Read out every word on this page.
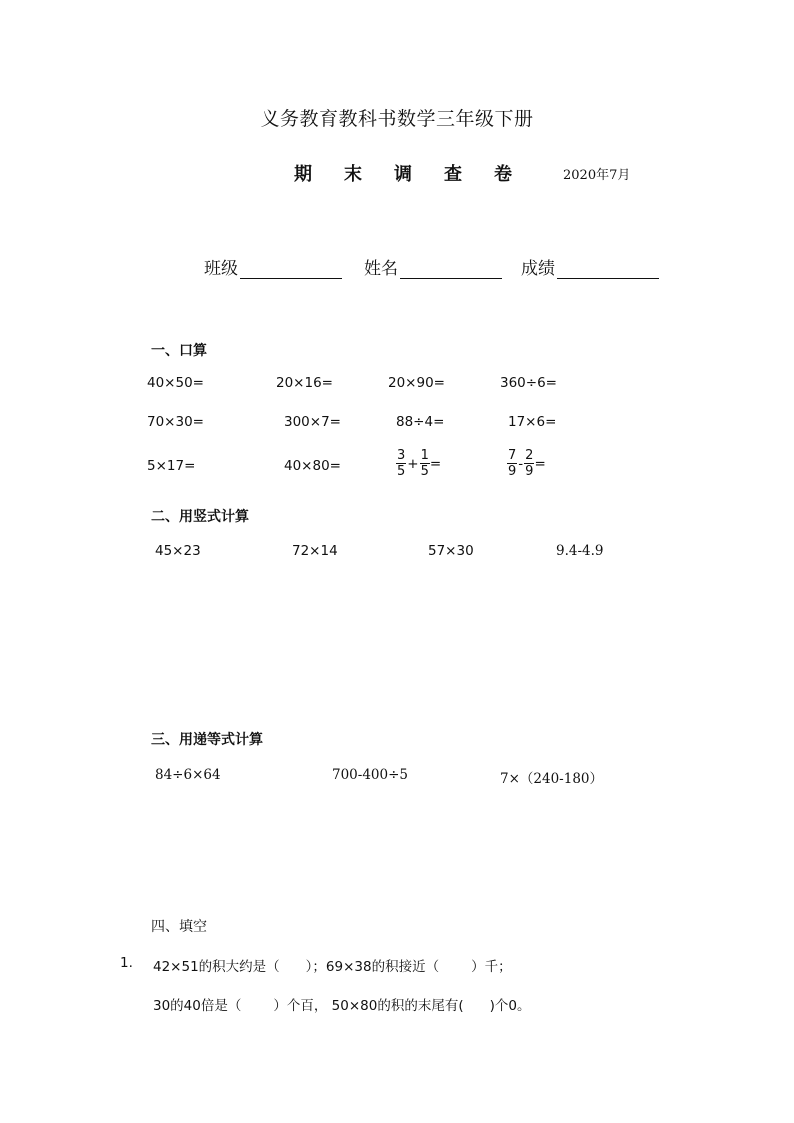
义务教育教科书数学三年级下册
期末调查卷 2020年7月
班级	姓名	成绩
一、口算
40×50=	20×16=	20×90=	360÷6=
70×30=	300×7=	88÷4=	17×6=
5×17=	40×80=	$\frac{3}{5} + \frac{1}{5}$ =	$\frac{7}{9} - \frac{2}{9}$ =
二、用竖式计算
45×23	72×14	57×30	9.4-4.9
三、用递等式计算
84÷6×64	700-400÷5	7×（240-180）
四、填空
1. 42×51的积大约是（ ）；69×38的积接近（ ）千；
30的40倍是（ ）个百， 50×80的积的末尾有( )个0。
